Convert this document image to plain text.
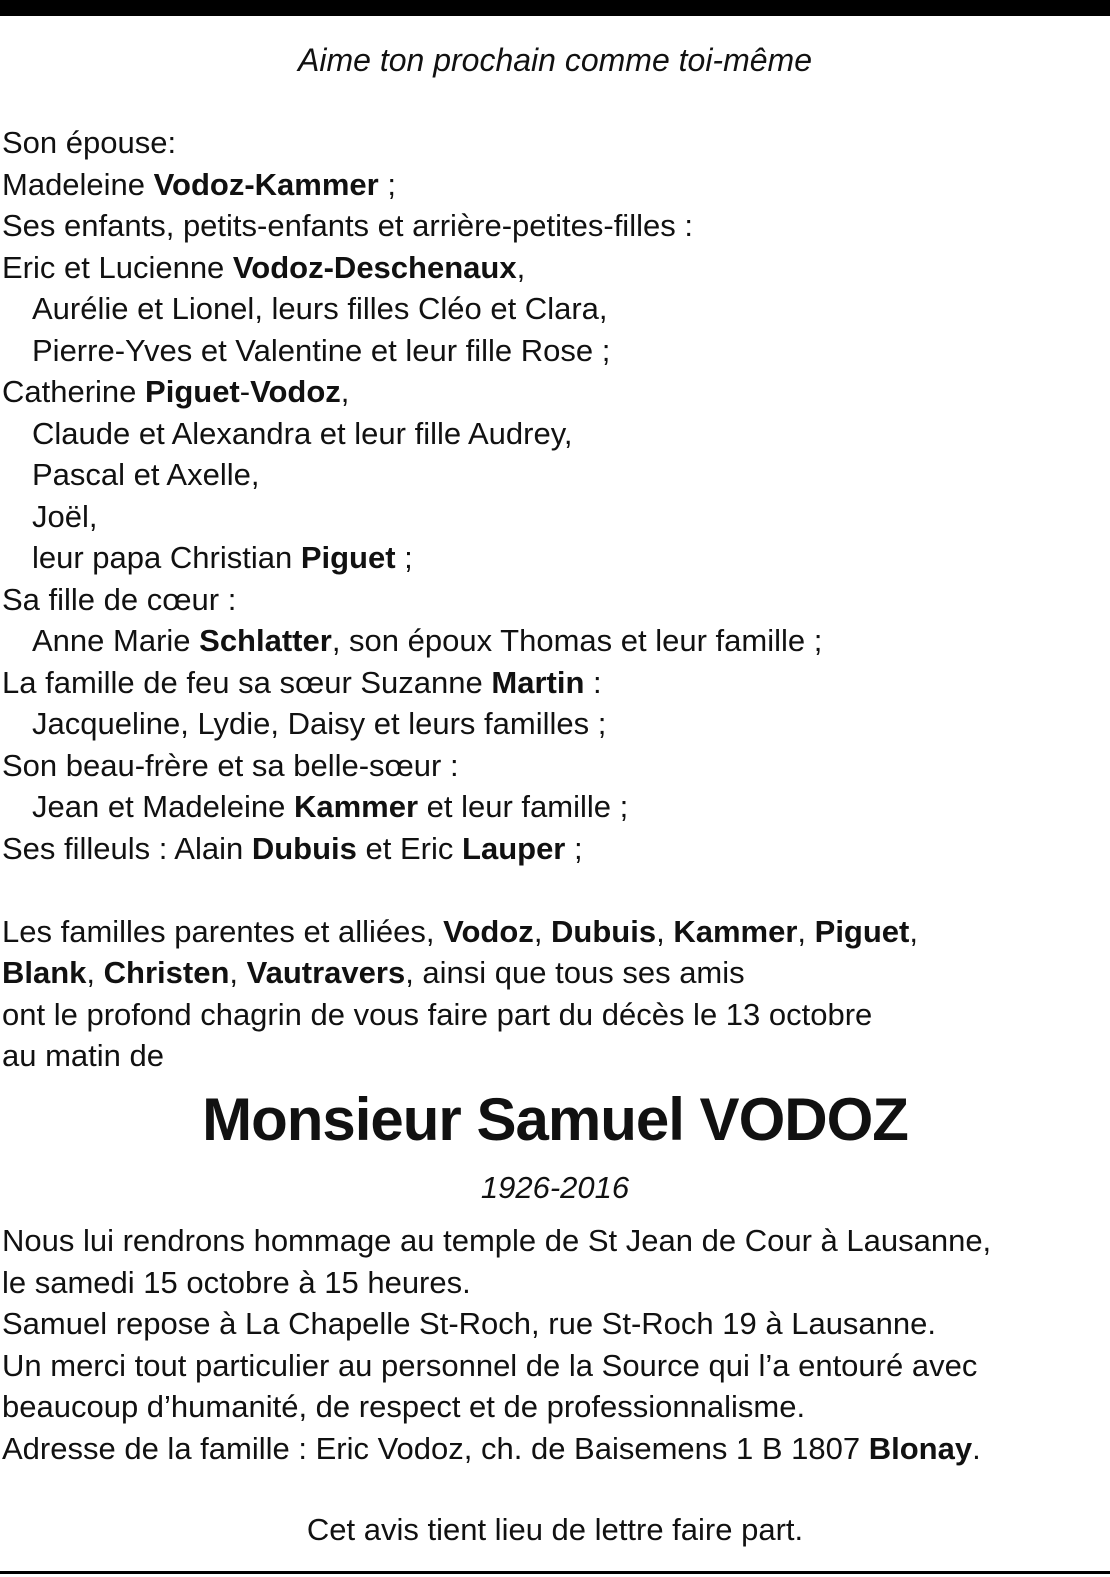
Aime ton prochain comme toi-même
Son épouse:
Madeleine Vodoz-Kammer ;
Ses enfants, petits-enfants et arrière-petites-filles :
Eric et Lucienne Vodoz-Deschenaux,
Aurélie et Lionel, leurs filles Cléo et Clara,
Pierre-Yves et Valentine et leur fille Rose ;
Catherine Piguet-Vodoz,
Claude et Alexandra et leur fille Audrey,
Pascal et Axelle,
Joël,
leur papa Christian Piguet ;
Sa fille de cœur :
Anne Marie Schlatter, son époux Thomas et leur famille ;
La famille de feu sa sœur Suzanne Martin :
Jacqueline, Lydie, Daisy et leurs familles ;
Son beau-frère et sa belle-sœur :
Jean et Madeleine Kammer et leur famille ;
Ses filleuls : Alain Dubuis et Eric Lauper ;
Les familles parentes et alliées, Vodoz, Dubuis, Kammer, Piguet,
Blank, Christen, Vautravers, ainsi que tous ses amis
ont le profond chagrin de vous faire part du décès le 13 octobre
au matin de
Monsieur Samuel VODOZ
1926-2016
Nous lui rendrons hommage au temple de St Jean de Cour à Lausanne,
le samedi 15 octobre à 15 heures.
Samuel repose à La Chapelle St-Roch, rue St-Roch 19 à Lausanne.
Un merci tout particulier au personnel de la Source qui l’a entouré avec
beaucoup d’humanité, de respect et de professionnalisme.
Adresse de la famille : Eric Vodoz, ch. de Baisemens 1 B 1807 Blonay.
Cet avis tient lieu de lettre faire part.
